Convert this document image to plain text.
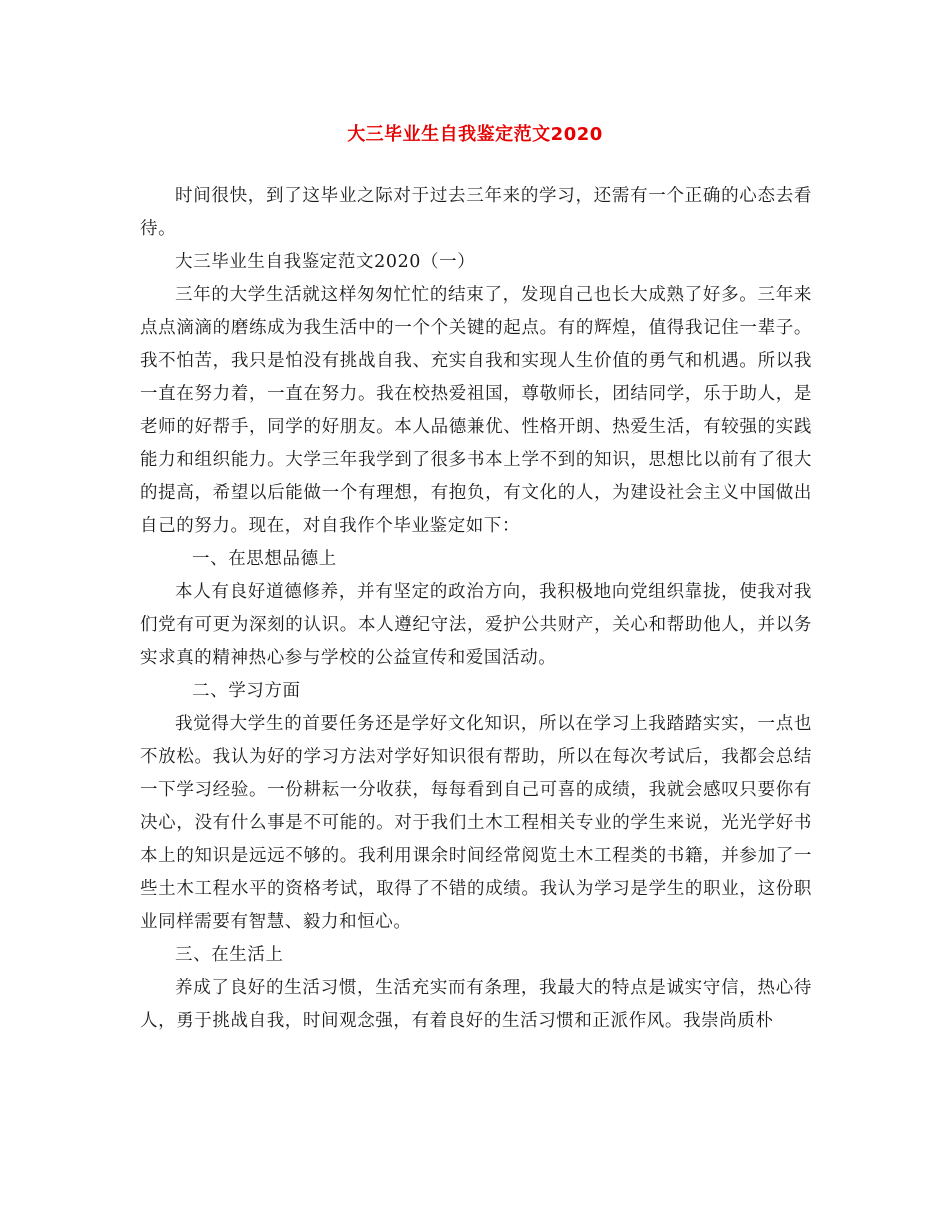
大三毕业生自我鉴定范文2020

时间很快，到了这毕业之际对于过去三年来的学习，还需有一个正确的心态去看待。

大三毕业生自我鉴定范文2020（一）

三年的大学生活就这样匆匆忙忙的结束了，发现自己也长大成熟了好多。三年来点点滴滴的磨练成为我生活中的一个个关键的起点。有的辉煌，值得我记住一辈子。我不怕苦，我只是怕没有挑战自我、充实自我和实现人生价值的勇气和机遇。所以我一直在努力着，一直在努力。我在校热爱祖国，尊敬师长，团结同学，乐于助人，是老师的好帮手，同学的好朋友。本人品德兼优、性格开朗、热爱生活，有较强的实践能力和组织能力。大学三年我学到了很多书本上学不到的知识，思想比以前有了很大的提高，希望以后能做一个有理想，有抱负，有文化的人，为建设社会主义中国做出自己的努力。现在，对自我作个毕业鉴定如下：

一、在思想品德上

本人有良好道德修养，并有坚定的政治方向，我积极地向党组织靠拢，使我对我们党有可更为深刻的认识。本人遵纪守法，爱护公共财产，关心和帮助他人，并以务实求真的精神热心参与学校的公益宣传和爱国活动。

二、学习方面

我觉得大学生的首要任务还是学好文化知识，所以在学习上我踏踏实实，一点也不放松。我认为好的学习方法对学好知识很有帮助，所以在每次考试后，我都会总结一下学习经验。一份耕耘一分收获，每每看到自己可喜的成绩，我就会感叹只要你有决心，没有什么事是不可能的。对于我们土木工程相关专业的学生来说，光光学好书本上的知识是远远不够的。我利用课余时间经常阅览土木工程类的书籍，并参加了一些土木工程水平的资格考试，取得了不错的成绩。我认为学习是学生的职业，这份职业同样需要有智慧、毅力和恒心。

三、在生活上

养成了良好的生活习惯，生活充实而有条理，我最大的特点是诚实守信，热心待人，勇于挑战自我，时间观念强，有着良好的生活习惯和正派作风。我崇尚质朴
